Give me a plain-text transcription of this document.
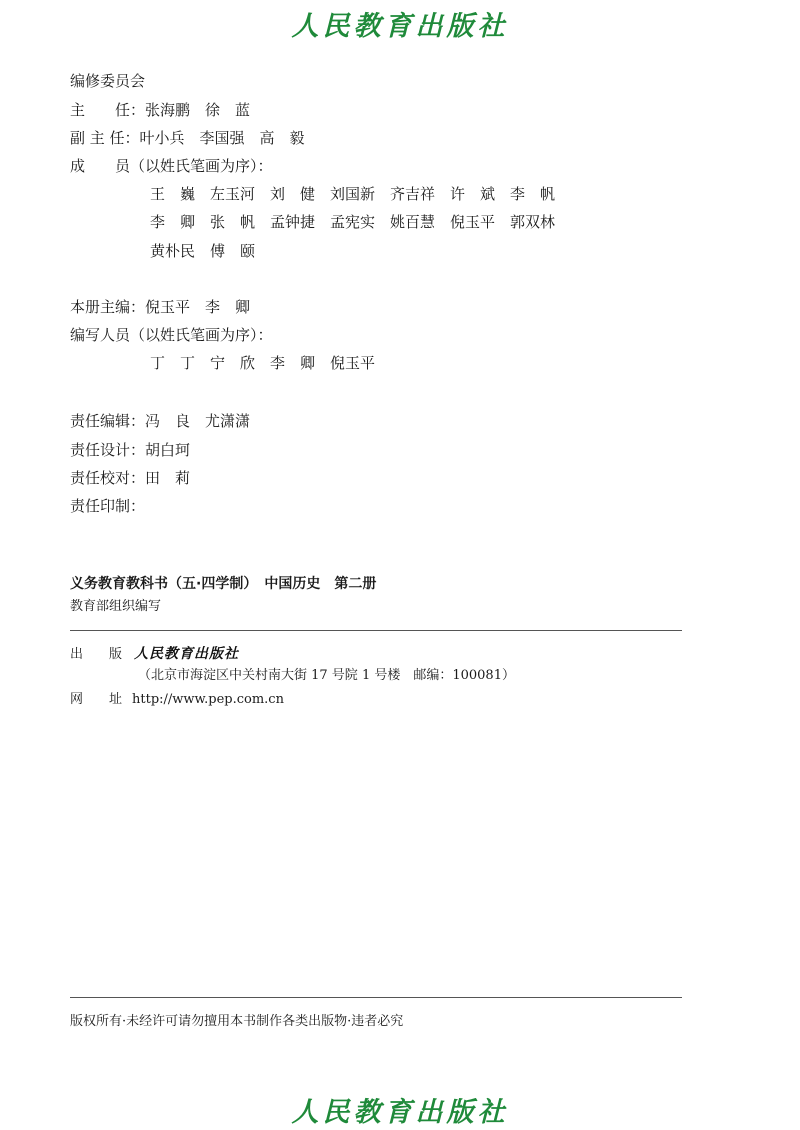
人民教育出版社
编修委员会
主　　任：张海鹏　徐　蓝
副 主 任：叶小兵　李国强　高　毅
成　　员（以姓氏笔画为序）：
王　巍　左玉河　刘　健　刘国新　齐吉祥　许　斌　李　帆
李　卿　张　帆　孟钟捷　孟宪实　姚百慧　倪玉平　郭双林
黄朴民　傅　颐
本册主编：倪玉平　李　卿
编写人员（以姓氏笔画为序）：
丁　丁　宁　欣　李　卿　倪玉平
责任编辑：冯　良　尤潇潇
责任设计：胡白珂
责任校对：田　莉
责任印制：
义务教育教科书（五·四学制）　中国历史　第二册
教育部组织编写
出　　版 人民教育出版社
（北京市海淀区中关村南大街 17 号院 1 号楼　邮编：100081）
网　　址 http://www.pep.com.cn
版权所有·未经许可请勿擅用本书制作各类出版物·违者必究
人民教育出版社
